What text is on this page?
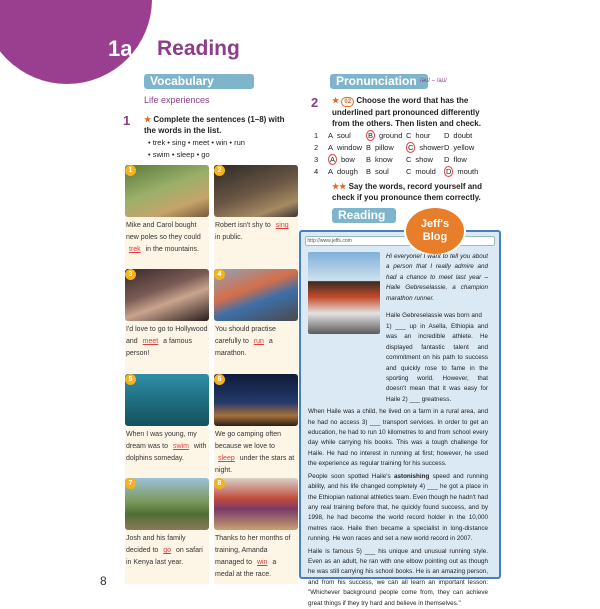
1a Reading
Vocabulary
Life experiences
1 ★ Complete the sentences (1–8) with the words in the list.
• trek • sing • meet • win • run
• swim • sleep • go
1
Mike and Carol bought new poles so they could trek in the mountains.
2
Robert isn't shy to sing in public.
3
I'd love to go to Hollywood and meet a famous person!
4
You should practise carefully to run a marathon.
5
When I was young, my dream was to swim with dolphins someday.
6
We go camping often because we love to sleep under the stars at night.
7
Josh and his family decided to go on safari in Kenya last year.
8
Thanks to her months of training, Amanda managed to win a medal at the race.
Pronunciation /əʊ/ – /aʊ/
2 ★ 02 Choose the word that has the underlined part pronounced differently from the others. Then listen and check.
1 A soul B ground C hour D doubt
2 A window B pillow C shower D yellow
3 A bow B know C show D flow
4 A dough B soul C mould D mouth
★★ Say the words, record yourself and check if you pronounce them correctly.
Reading
http://www.jeffs.com
Jeff's
Blog
Hi everyone! I want to tell you about a person that I really admire and had a chance to meet last year – Haile Gebreselassie, a champion marathon runner.
Haile Gebreselassie was born and
1) ___ up in Asella, Ethiopia and was an incredible athlete. He displayed fantastic talent and commitment on his path to success and quickly rose to fame in the sporting world. However, that doesn't mean that it was easy for Haile 2) ___ greatness.
When Haile was a child, he lived on a farm in a rural area, and he had no access 3) ___ transport services. In order to get an education, he had to run 10 kilometres to and from school every day while carrying his books. This was a tough challenge for Haile. He had no interest in running at first; however, he used the experience as regular training for his success.
People soon spotted Haile's astonishing speed and running ability, and his life changed completely 4) ___ he got a place in the Ethiopian national athletics team. Even though he hadn't had any real training before that, he quickly found success, and by 1998, he had become the world record holder in the 10,000 metres race. Haile then became a specialist in long-distance running. He won races and set a new world record in 2007.
Haile is famous 5) ___ his unique and unusual running style. Even as an adult, he ran with one elbow pointing out as though he was still carrying his school books. He is an amazing person, and from his success, we can all learn an important lesson: "Whichever background people come from, they can achieve great things if they try hard and believe in themselves."
8
